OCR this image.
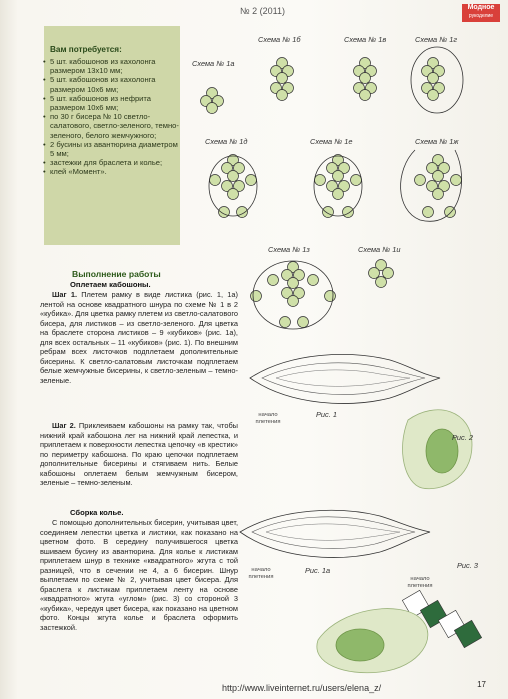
№ 2 (2011)	Модное
рукоделие
Вам потребуется:
• 5 шт. кабошонов из кахолонга размером 13x10 мм;
• 5 шт. кабошонов из кахолонга размером 10x6 мм;
• 5 шт. кабошонов из нефрита размером 10x6 мм;
• по 30 г бисера № 10 светло-салатового, светло-зеленого, темно-зеленого, белого жемчужного;
• 2 бусины из авантюрина диаметром 5 мм;
• застежки для браслета и колье;
• клей «Момент».
Выполнение работы
Оплетаем кабошоны.
Шаг 1. Плетем рамку в виде листика (рис. 1, 1а) лентой на основе квадратного шнура по схеме № 1 в 2 «кубика». Для цветка рамку плетем из светло-салатового бисера, для листиков – из светло-зеленого. Для цветка на браслете сторона листиков – 9 «кубиков» (рис. 1а), для всех остальных – 11 «кубиков» (рис. 1). По внешним ребрам всех листочков подплетаем дополнительные бисерины. К светло-салатовым листочкам подплетаем белые жемчужные бисерины, к светло-зеленым – темно-зеленые.
Шаг 2. Приклеиваем кабошоны на рамку так, чтобы нижний край кабошона лег на нижний край лепестка, и приплетаем к поверхности лепестка цепочку «в крестик» по периметру кабошона. По краю цепочки подплетаем дополнительные бисерины и стягиваем нить. Белые кабошоны оплетаем белым жемчужным бисером, зеленые – темно-зеленым.
Сборка колье.
С помощью дополнительных бисерин, учитывая цвет, соединяем лепестки цветка и листики, как показано на цветном фото. В середину получившегося цветка вшиваем бусину из авантюрина. Для колье к листикам приплетаем шнур в технике «квадратного» жгута с той разницей, что в сечении не 4, а 6 бисерин. Шнур выплетаем по схеме № 2, учитывая цвет бисера. Для браслета к листикам приплетаем ленту на основе «квадратного» жгута «углом» (рис. 3) со стороной 3 «кубика», чередуя цвет бисера, как показано на цветном фото. Концы жгута колье и браслета оформить застежкой.
Схема № 1б	Схема № 1в	Схема № 1г
Схема № 1а
Схема № 1д	Схема № 1е	Схема № 1ж
Схема № 1з	Схема № 1и
Рис. 1
Рис. 1а
Рис. 2
Рис. 3
начало плетения
начало плетения	начало плетения
http://www.liveinternet.ru/users/elena_z/	17
